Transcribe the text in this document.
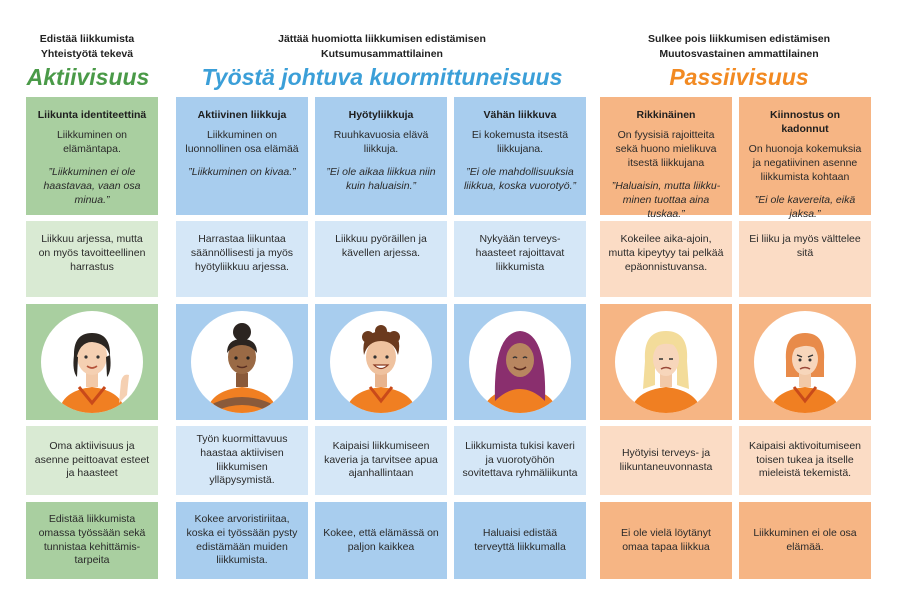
Edistää liikkumista
Yhteistyötä tekevä
Jättää huomiotta liikkumisen edistämisen
Kutsumusammattilainen
Sulkee pois liikkumisen edistämisen
Muutosvastainen ammattilainen
Aktiivisuus	Työstä johtuva kuormittuneisuus	Passiivisuus
Liikunta identiteettinä
Liikkuminen on elämäntapa.
”Liikkuminen ei ole haastavaa, vaan osa minua.”
Liikkuu arjessa, mutta on myös tavoitteellinen harrastus
Oma aktiivisuus ja asenne peittoavat esteet ja haasteet
Edistää liikkumista omassa työssään sekä tunnistaa kehittämis-tarpeita
Aktiivinen liikkuja
Liikkuminen on luonnollinen osa elämää
”Liikkuminen on kivaa.”
Harrastaa liikuntaa säännöllisesti ja myös hyötyliikkuu arjessa.
Työn kuormittavuus haastaa aktiivisen liikkumisen ylläpysymistä.
Kokee arvoristiriitaa, koska ei työssään pysty edistämään muiden liikkumista.
Hyötyliikkuja
Ruuhkavuosia elävä liikkuja.
”Ei ole aikaa liikkua niin kuin haluaisin.”
Liikkuu pyöräillen ja kävellen arjessa.
Kaipaisi liikkumiseen kaveria ja tarvitsee apua ajanhallintaan
Kokee, että elämässä on paljon kaikkea
Vähän liikkuva
Ei kokemusta itsestä liikkujana.
”Ei ole mahdollisuuksia liikkua, koska vuorotyö.”
Nykyään terveys-haasteet rajoittavat liikkumista
Liikkumista tukisi kaveri ja vuorotyöhön sovitettava ryhmäliikunta
Haluaisi edistää terveyttä liikkumalla
Rikkinäinen
On fyysisiä rajoitteita sekä huono mielikuva itsestä liikkujana
”Haluaisin, mutta liikku-minen tuottaa aina tuskaa.”
Kokeilee aika-ajoin, mutta kipeytyy tai pelkää epäonnistuvansa.
Hyötyisi terveys- ja liikuntaneuvonnasta
Ei ole vielä löytänyt omaa tapaa liikkua
Kiinnostus on kadonnut
On huonoja kokemuksia ja negatiivinen asenne liikkumista kohtaan
”Ei ole kavereita, eikä jaksa.”
Ei liiku ja myös välttelee sitä
Kaipaisi aktivoitumiseen toisen tukea ja itselle mieleistä tekemistä.
Liikkuminen ei ole osa elämää.
